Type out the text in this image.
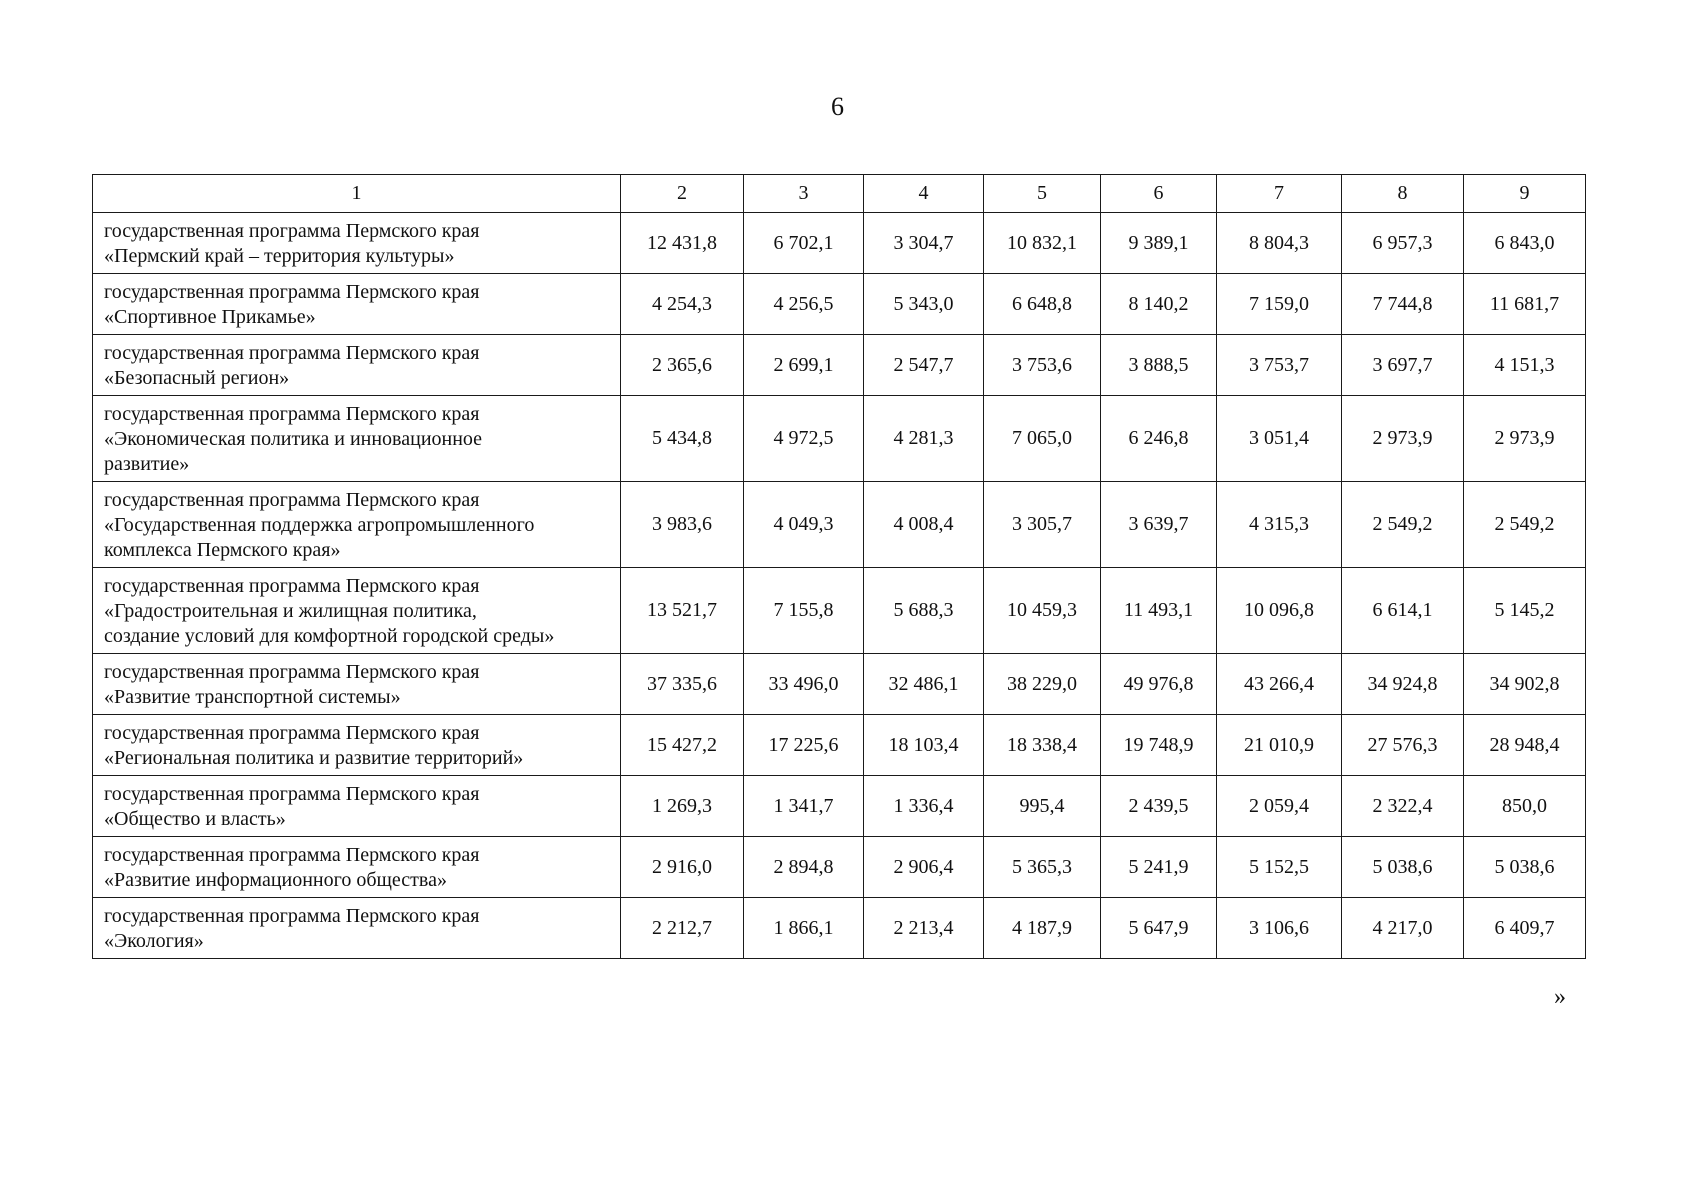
6
1	2	3	4	5	6	7	8	9

государственная программа Пермского края
«Пермский край – территория культуры»	12 431,8	6 702,1	3 304,7	10 832,1	9 389,1	8 804,3	6 957,3	6 843,0

государственная программа Пермского края
«Спортивное Прикамье»	4 254,3	4 256,5	5 343,0	6 648,8	8 140,2	7 159,0	7 744,8	11 681,7

государственная программа Пермского края
«Безопасный регион»	2 365,6	2 699,1	2 547,7	3 753,6	3 888,5	3 753,7	3 697,7	4 151,3

государственная программа Пермского края
«Экономическая политика и инновационное
развитие»	5 434,8	4 972,5	4 281,3	7 065,0	6 246,8	3 051,4	2 973,9	2 973,9

государственная программа Пермского края
«Государственная поддержка агропромышленного
комплекса Пермского края»	3 983,6	4 049,3	4 008,4	3 305,7	3 639,7	4 315,3	2 549,2	2 549,2

государственная программа Пермского края
«Градостроительная и жилищная политика,
создание условий для комфортной городской среды»	13 521,7	7 155,8	5 688,3	10 459,3	11 493,1	10 096,8	6 614,1	5 145,2

государственная программа Пермского края
«Развитие транспортной системы»	37 335,6	33 496,0	32 486,1	38 229,0	49 976,8	43 266,4	34 924,8	34 902,8

государственная программа Пермского края
«Региональная политика и развитие территорий»	15 427,2	17 225,6	18 103,4	18 338,4	19 748,9	21 010,9	27 576,3	28 948,4

государственная программа Пермского края
«Общество и власть»	1 269,3	1 341,7	1 336,4	995,4	2 439,5	2 059,4	2 322,4	850,0

государственная программа Пермского края
«Развитие информационного общества»	2 916,0	2 894,8	2 906,4	5 365,3	5 241,9	5 152,5	5 038,6	5 038,6

государственная программа Пермского края
«Экология»	2 212,7	1 866,1	2 213,4	4 187,9	5 647,9	3 106,6	4 217,0	6 409,7
»
